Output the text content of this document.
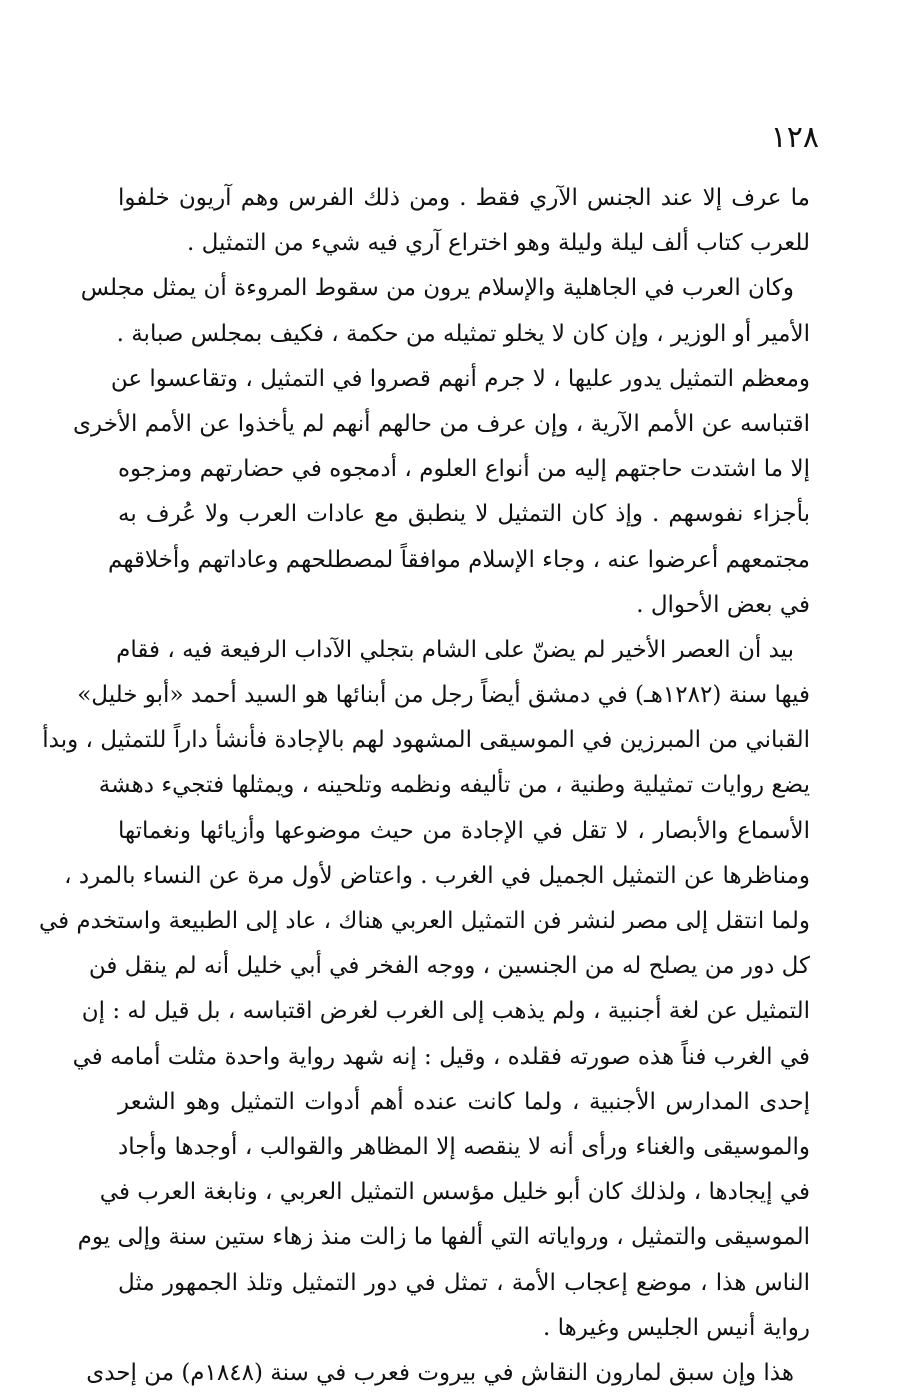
١٢٨
ما عرف إلا عند الجنس الآري فقط . ومن ذلك الفرس وهم آريون خلفوا
للعرب كتاب ألف ليلة وليلة وهو اختراع آري فيه شيء من التمثيل .
وكان العرب في الجاهلية والإسلام يرون من سقوط المروءة أن يمثل مجلس
الأمير أو الوزير ، وإن كان لا يخلو تمثيله من حكمة ، فكيف بمجلس صبابة .
ومعظم التمثيل يدور عليها ، لا جرم أنهم قصروا في التمثيل ، وتقاعسوا عن
اقتباسه عن الأمم الآرية ، وإن عرف من حالهم أنهم لم يأخذوا عن الأمم الأخرى
إلا ما اشتدت حاجتهم إليه من أنواع العلوم ، أدمجوه في حضارتهم ومزجوه
بأجزاء نفوسهم . وإذ كان التمثيل لا ينطبق مع عادات العرب ولا عُرف به
مجتمعهم أعرضوا عنه ، وجاء الإسلام موافقاً لمصطلحهم وعاداتهم وأخلاقهم
في بعض الأحوال .
بيد أن العصر الأخير لم يضنّ على الشام بتجلي الآداب الرفيعة فيه ، فقام
فيها سنة (١٢٨٢هـ) في دمشق أيضاً رجل من أبنائها هو السيد أحمد «أبو خليل»
القباني من المبرزين في الموسيقى المشهود لهم بالإجادة فأنشأ داراً للتمثيل ، وبدأ
يضع روايات تمثيلية وطنية ، من تأليفه ونظمه وتلحينه ، ويمثلها فتجيء دهشة
الأسماع والأبصار ، لا تقل في الإجادة من حيث موضوعها وأزيائها ونغماتها
ومناظرها عن التمثيل الجميل في الغرب . واعتاض لأول مرة عن النساء بالمرد ،
ولما انتقل إلى مصر لنشر فن التمثيل العربي هناك ، عاد إلى الطبيعة واستخدم في
كل دور من يصلح له من الجنسين ، ووجه الفخر في أبي خليل أنه لم ينقل فن
التمثيل عن لغة أجنبية ، ولم يذهب إلى الغرب لغرض اقتباسه ، بل قيل له : إن
في الغرب فناً هذه صورته فقلده ، وقيل : إنه شهد رواية واحدة مثلت أمامه في
إحدى المدارس الأجنبية ، ولما كانت عنده أهم أدوات التمثيل وهو الشعر
والموسيقى والغناء ورأى أنه لا ينقصه إلا المظاهر والقوالب ، أوجدها وأجاد
في إيجادها ، ولذلك كان أبو خليل مؤسس التمثيل العربي ، ونابغة العرب في
الموسيقى والتمثيل ، ورواياته التي ألفها ما زالت منذ زهاء ستين سنة وإلى يوم
الناس هذا ، موضع إعجاب الأمة ، تمثل في دور التمثيل وتلذ الجمهور مثل
رواية أنيس الجليس وغيرها .
هذا وإن سبق لمارون النقاش في بيروت فعرب في سنة (١٨٤٨م) من إحدى
